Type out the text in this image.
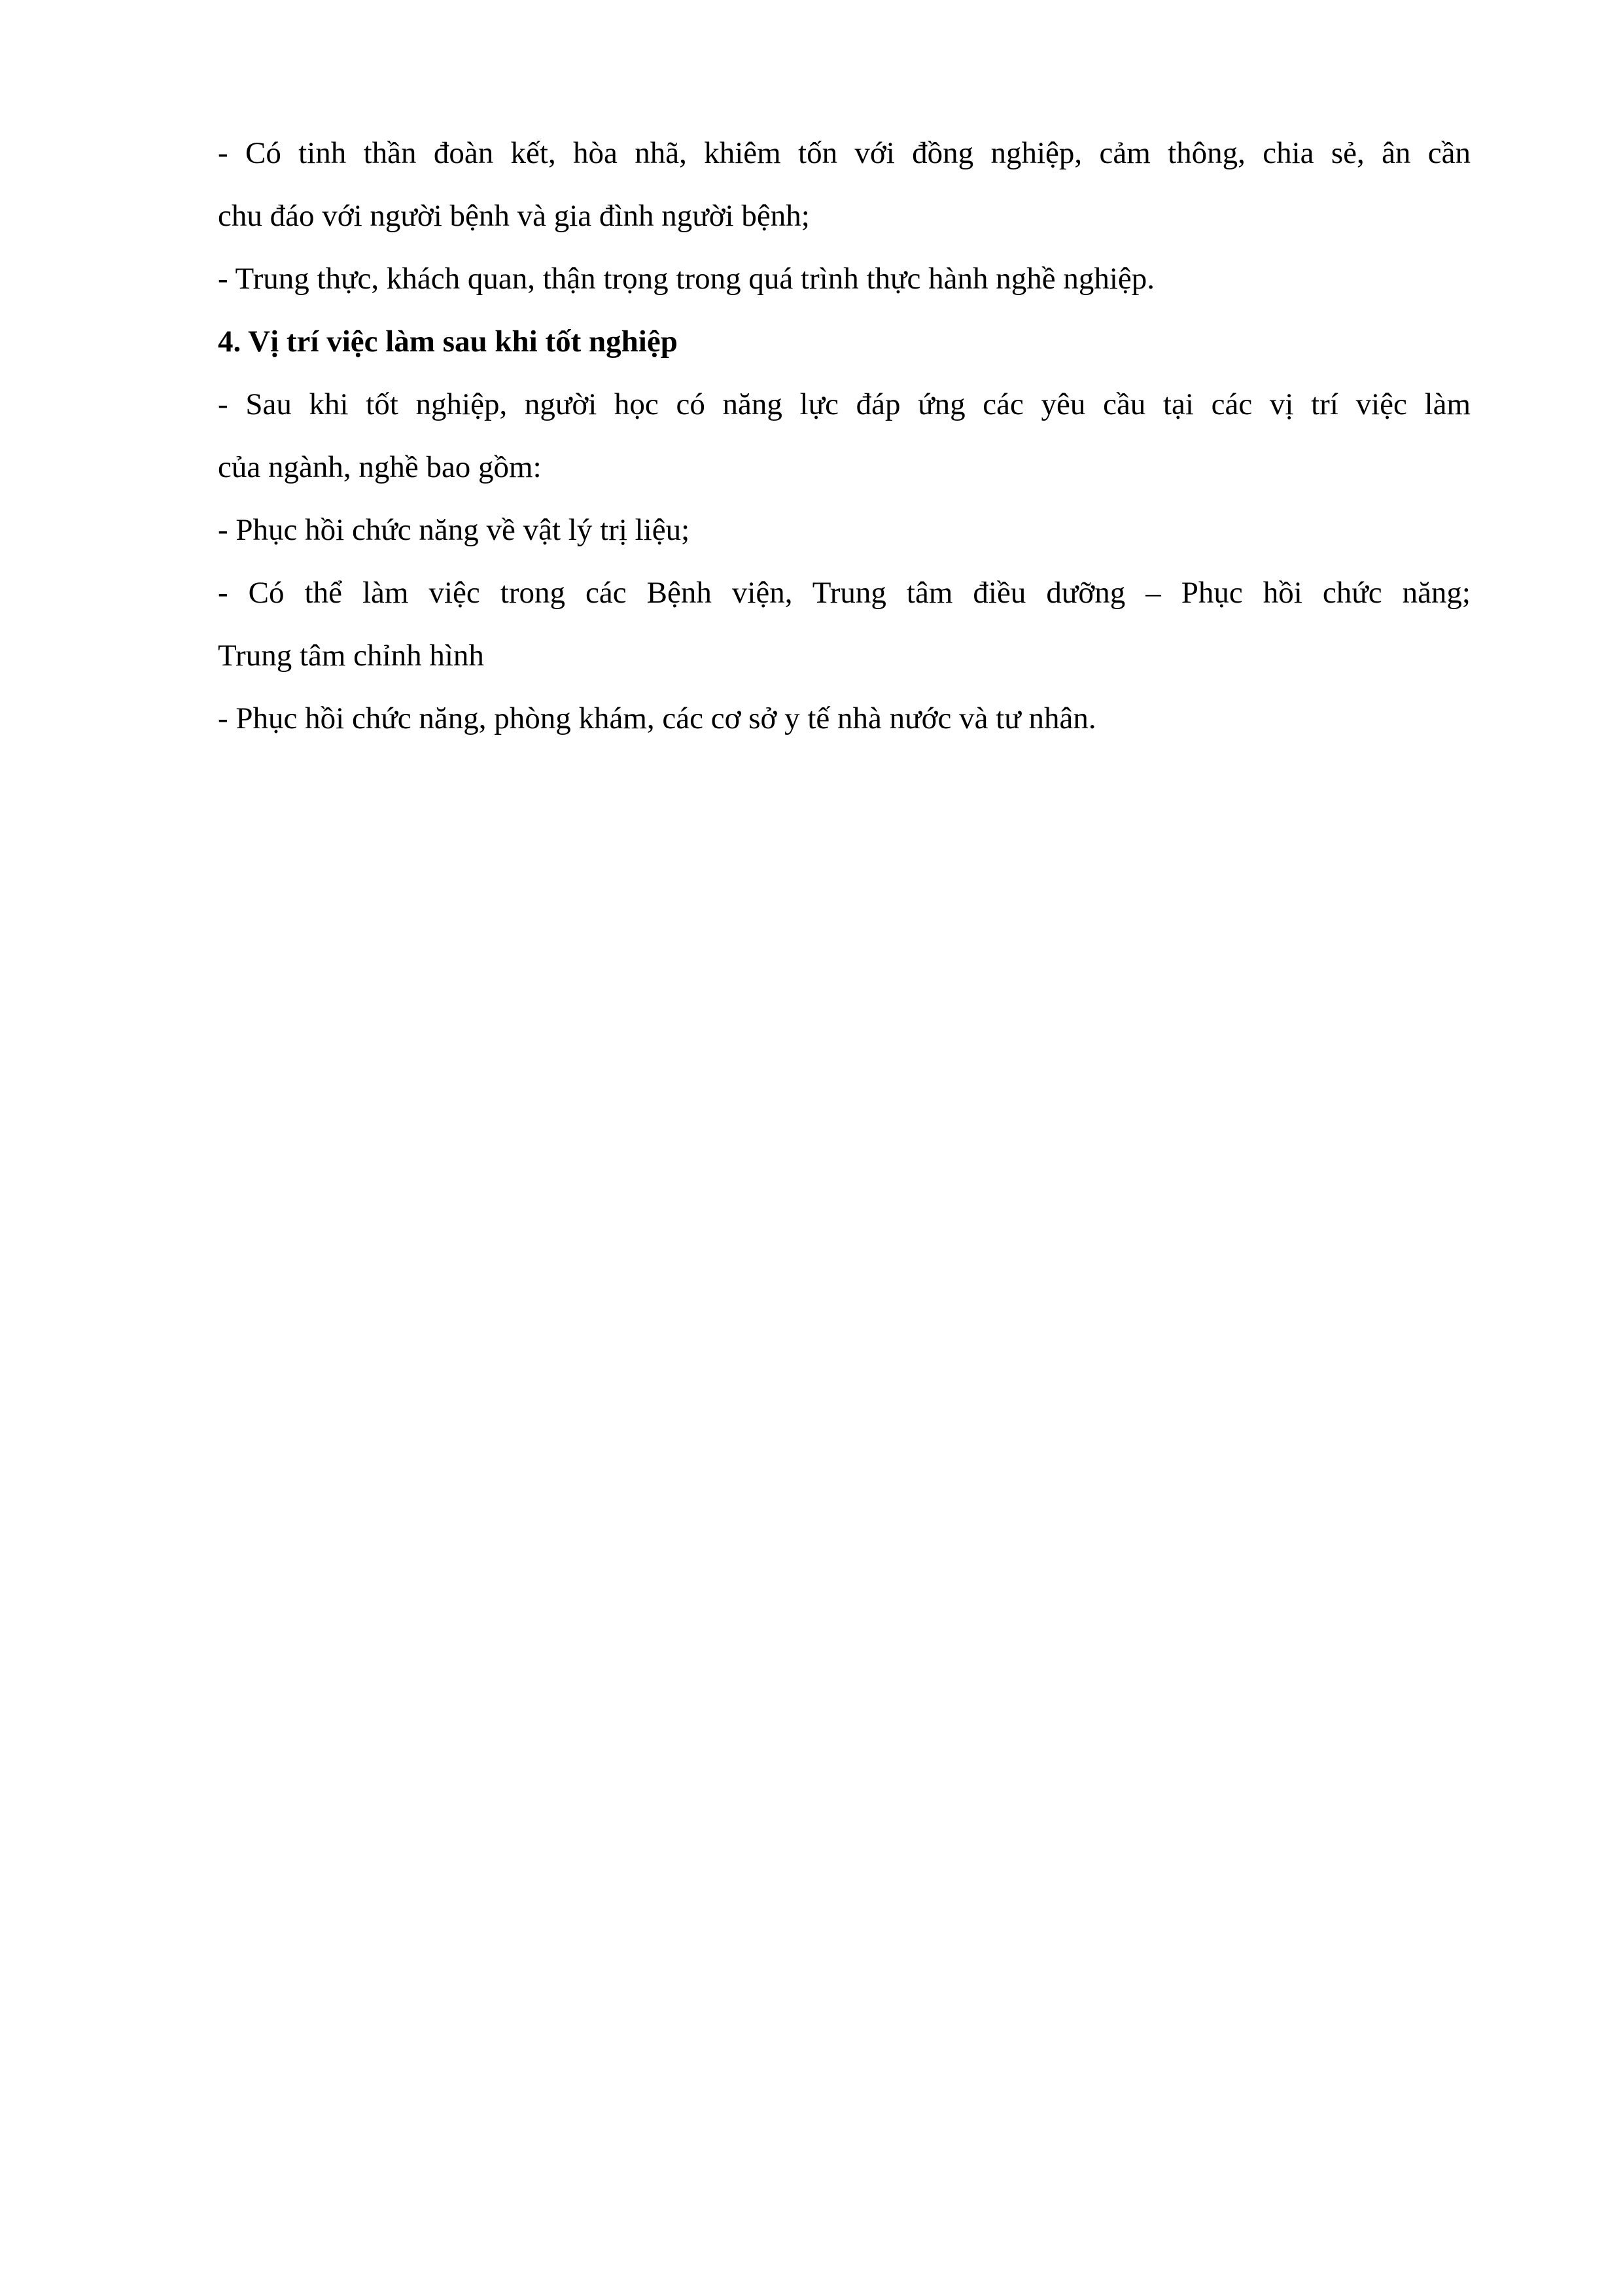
- Có tinh thần đoàn kết, hòa nhã, khiêm tốn với đồng nghiệp, cảm thông, chia sẻ, ân cần
chu đáo với người bệnh và gia đình người bệnh;
- Trung thực, khách quan, thận trọng trong quá trình thực hành nghề nghiệp.
4. Vị trí việc làm sau khi tốt nghiệp
- Sau khi tốt nghiệp, người học có năng lực đáp ứng các yêu cầu tại các vị trí việc làm
của ngành, nghề bao gồm:
- Phục hồi chức năng về vật lý trị liệu;
- Có thể làm việc trong các Bệnh viện, Trung tâm điều dưỡng – Phục hồi chức năng;
Trung tâm chỉnh hình
- Phục hồi chức năng, phòng khám, các cơ sở y tế nhà nước và tư nhân.
